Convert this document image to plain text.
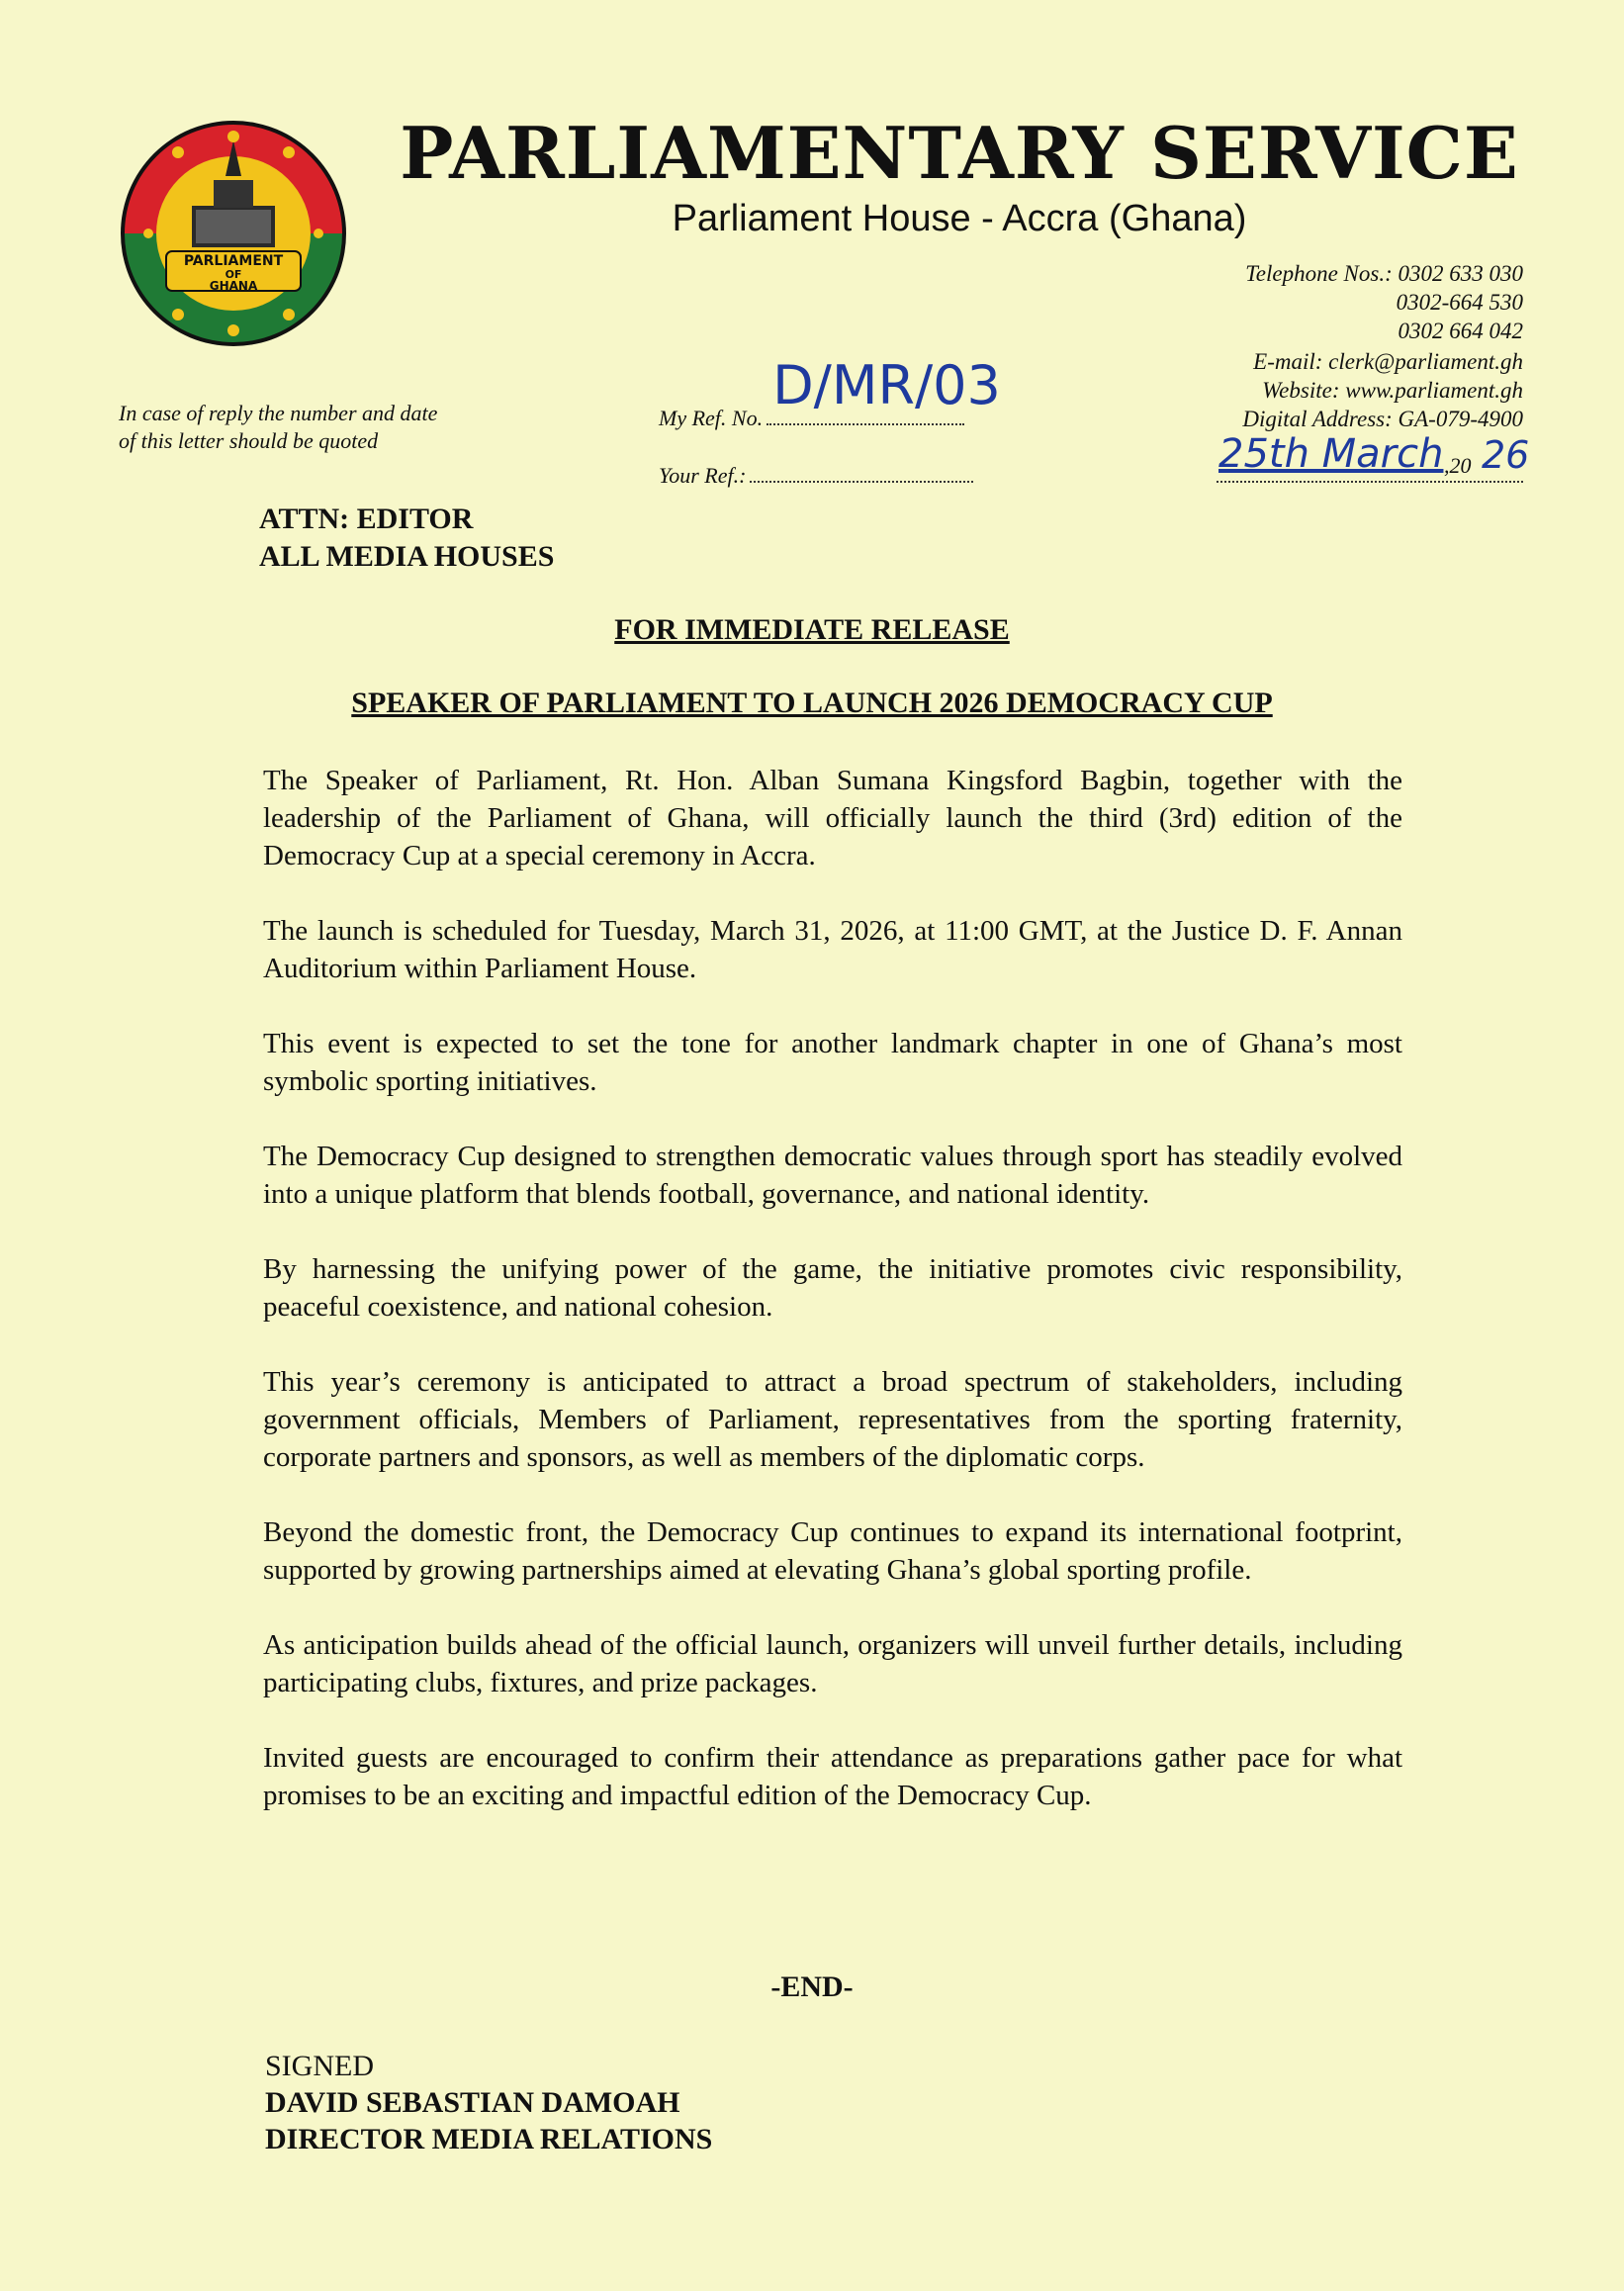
PARLIAMENT
OF
GHANA
PARLIAMENTARY SERVICE
Parliament House - Accra (Ghana)
Telephone Nos.: 0302 633 030
0302-664 530
0302 664 042
E-mail: clerk@parliament.gh
Website: www.parliament.gh
Digital Address: GA-079-4900
25th March ,20 26
In case of reply the number and date of this letter should be quoted
My Ref. No.
D/MR/03
Your Ref.:
ATTN: EDITOR
ALL MEDIA HOUSES
FOR IMMEDIATE RELEASE
SPEAKER OF PARLIAMENT TO LAUNCH 2026 DEMOCRACY CUP

The Speaker of Parliament, Rt. Hon. Alban Sumana Kingsford Bagbin, together with the leadership of the Parliament of Ghana, will officially launch the third (3rd) edition of the Democracy Cup at a special ceremony in Accra.

The launch is scheduled for Tuesday, March 31, 2026, at 11:00 GMT, at the Justice D. F. Annan Auditorium within Parliament House.

This event is expected to set the tone for another landmark chapter in one of Ghana’s most symbolic sporting initiatives.

The Democracy Cup designed to strengthen democratic values through sport has steadily evolved into a unique platform that blends football, governance, and national identity.

By harnessing the unifying power of the game, the initiative promotes civic responsibility, peaceful coexistence, and national cohesion.

This year’s ceremony is anticipated to attract a broad spectrum of stakeholders, including government officials, Members of Parliament, representatives from the sporting fraternity, corporate partners and sponsors, as well as members of the diplomatic corps.

Beyond the domestic front, the Democracy Cup continues to expand its international footprint, supported by growing partnerships aimed at elevating Ghana’s global sporting profile.

As anticipation builds ahead of the official launch, organizers will unveil further details, including participating clubs, fixtures, and prize packages.

Invited guests are encouraged to confirm their attendance as preparations gather pace for what promises to be an exciting and impactful edition of the Democracy Cup.

-END-
SIGNED
DAVID SEBASTIAN DAMOAH
DIRECTOR MEDIA RELATIONS
